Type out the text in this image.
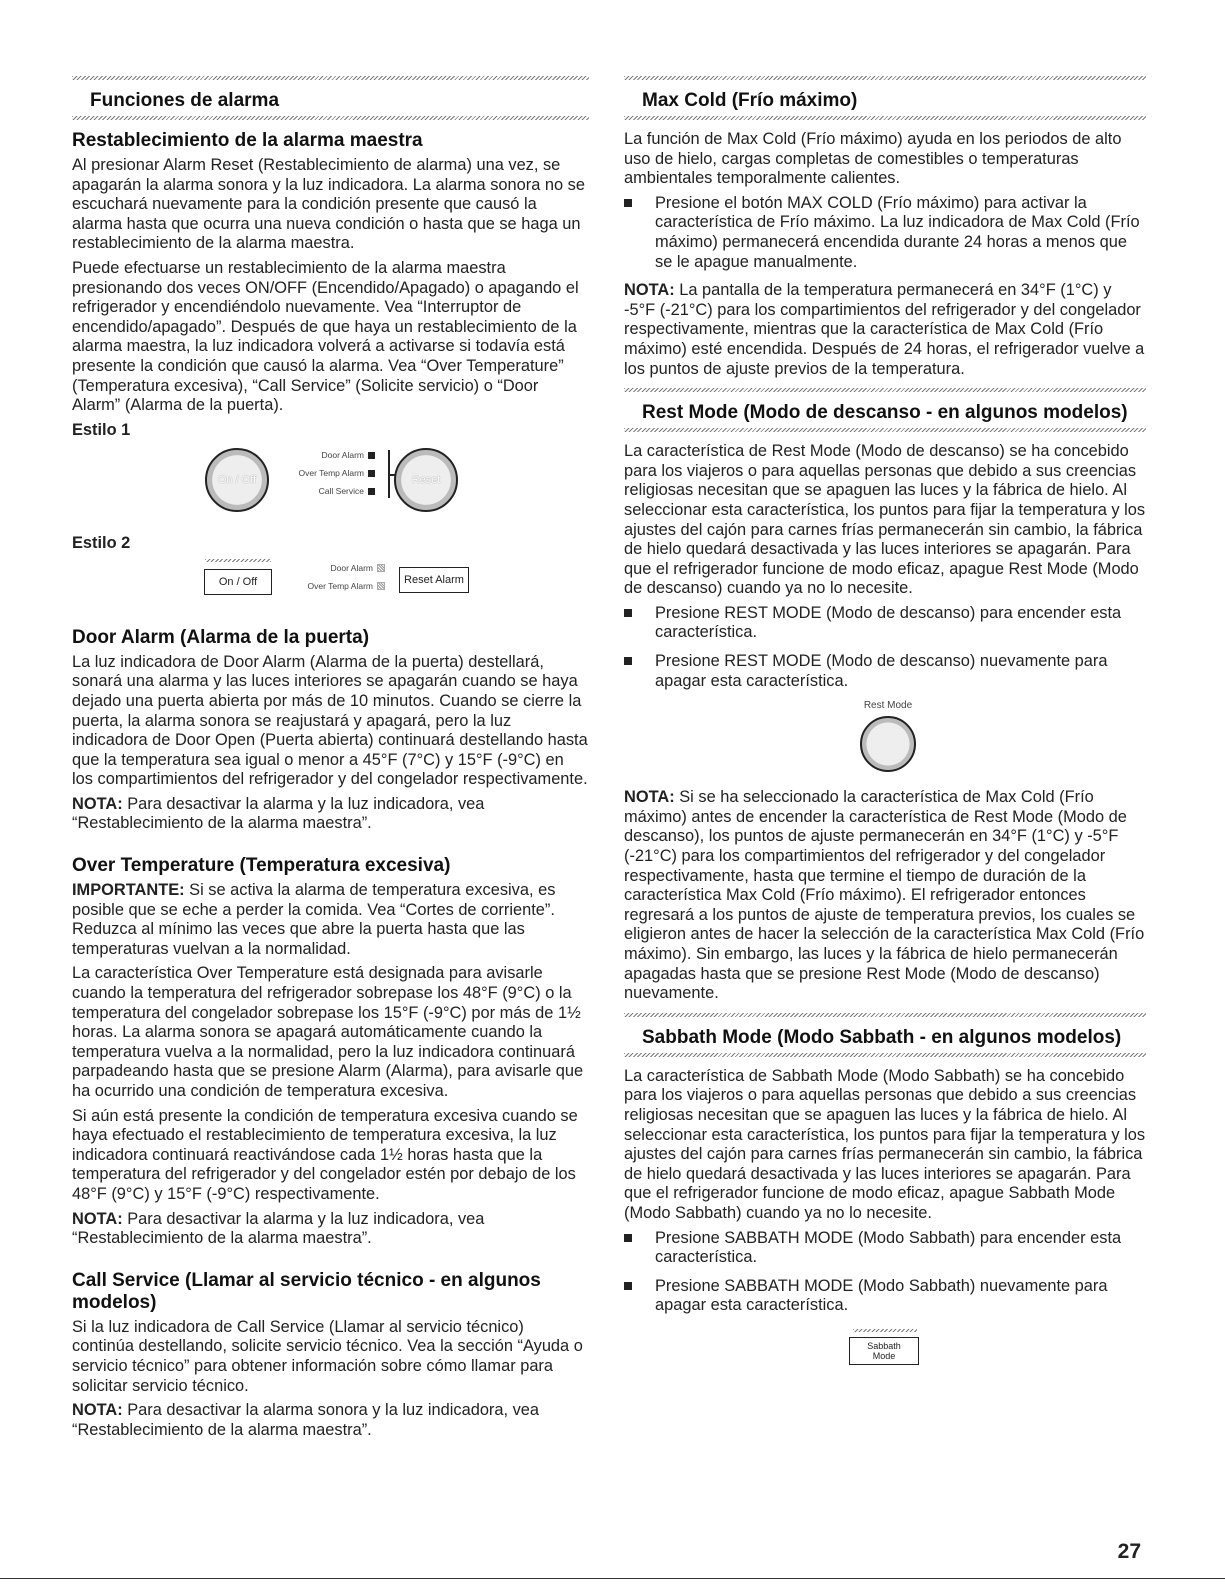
Funciones de alarma
Restablecimiento de la alarma maestra

Al presionar Alarm Reset (Restablecimiento de alarma) una vez, se apagarán la alarma sonora y la luz indicadora. La alarma sonora no se escuchará nuevamente para la condición presente que causó la alarma hasta que ocurra una nueva condición o hasta que se haga un restablecimiento de la alarma maestra.

Puede efectuarse un restablecimiento de la alarma maestra presionando dos veces ON/OFF (Encendido/Apagado) o apagando el refrigerador y encendiéndolo nuevamente. Vea “Interruptor de encendido/apagado”. Después de que haya un restablecimiento de la alarma maestra, la luz indicadora volverá a activarse si todavía está presente la condición que causó la alarma. Vea “Over Temperature” (Temperatura excesiva), “Call Service” (Solicite servicio) o “Door Alarm” (Alarma de la puerta).

Estilo 1
On / Off
Door Alarm
Over Temp Alarm
Call Service
Reset
Estilo 2
On / Off
Door Alarm
Over Temp Alarm	Reset Alarm
Door Alarm (Alarma de la puerta)

La luz indicadora de Door Alarm (Alarma de la puerta) destellará, sonará una alarma y las luces interiores se apagarán cuando se haya dejado una puerta abierta por más de 10 minutos. Cuando se cierre la puerta, la alarma sonora se reajustará y apagará, pero la luz indicadora de Door Open (Puerta abierta) continuará destellando hasta que la temperatura sea igual o menor a 45°F (7°C) y 15°F (-9°C) en los compartimientos del refrigerador y del congelador respectivamente.

NOTA: Para desactivar la alarma y la luz indicadora, vea “Restablecimiento de la alarma maestra”.

Over Temperature (Temperatura excesiva)

IMPORTANTE: Si se activa la alarma de temperatura excesiva, es posible que se eche a perder la comida. Vea “Cortes de corriente”. Reduzca al mínimo las veces que abre la puerta hasta que las temperaturas vuelvan a la normalidad.

La característica Over Temperature está designada para avisarle cuando la temperatura del refrigerador sobrepase los 48°F (9°C) o la temperatura del congelador sobrepase los 15°F (-9°C) por más de 1½ horas. La alarma sonora se apagará automáticamente cuando la temperatura vuelva a la normalidad, pero la luz indicadora continuará parpadeando hasta que se presione Alarm (Alarma), para avisarle que ha ocurrido una condición de temperatura excesiva.

Si aún está presente la condición de temperatura excesiva cuando se haya efectuado el restablecimiento de temperatura excesiva, la luz indicadora continuará reactivándose cada 1½ horas hasta que la temperatura del refrigerador y del congelador estén por debajo de los 48°F (9°C) y 15°F (-9°C) respectivamente.

NOTA: Para desactivar la alarma y la luz indicadora, vea “Restablecimiento de la alarma maestra”.

Call Service (Llamar al servicio técnico - en algunos modelos)

Si la luz indicadora de Call Service (Llamar al servicio técnico) continúa destellando, solicite servicio técnico. Vea la sección “Ayuda o servicio técnico” para obtener información sobre cómo llamar para solicitar servicio técnico.

NOTA: Para desactivar la alarma sonora y la luz indicadora, vea “Restablecimiento de la alarma maestra”.

Max Cold (Frío máximo)

La función de Max Cold (Frío máximo) ayuda en los periodos de alto uso de hielo, cargas completas de comestibles o temperaturas ambientales temporalmente calientes.

Presione el botón MAX COLD (Frío máximo) para activar la característica de Frío máximo. La luz indicadora de Max Cold (Frío máximo) permanecerá encendida durante 24 horas a menos que se le apague manualmente.

NOTA: La pantalla de la temperatura permanecerá en 34°F (1°C) y -5°F (-21°C) para los compartimientos del refrigerador y del congelador respectivamente, mientras que la característica de Max Cold (Frío máximo) esté encendida. Después de 24 horas, el refrigerador vuelve a los puntos de ajuste previos de la temperatura.

Rest Mode (Modo de descanso - en algunos modelos)

La característica de Rest Mode (Modo de descanso) se ha concebido para los viajeros o para aquellas personas que debido a sus creencias religiosas necesitan que se apaguen las luces y la fábrica de hielo. Al seleccionar esta característica, los puntos para fijar la temperatura y los ajustes del cajón para carnes frías permanecerán sin cambio, la fábrica de hielo quedará desactivada y las luces interiores se apagarán. Para que el refrigerador funcione de modo eficaz, apague Rest Mode (Modo de descanso) cuando ya no lo necesite.

Presione REST MODE (Modo de descanso) para encender esta característica.
Presione REST MODE (Modo de descanso) nuevamente para apagar esta característica.
Rest Mode

NOTA: Si se ha seleccionado la característica de Max Cold (Frío máximo) antes de encender la característica de Rest Mode (Modo de descanso), los puntos de ajuste permanecerán en 34°F (1°C) y -5°F (-21°C) para los compartimientos del refrigerador y del congelador respectivamente, hasta que termine el tiempo de duración de la característica Max Cold (Frío máximo). El refrigerador entonces regresará a los puntos de ajuste de temperatura previos, los cuales se eligieron antes de hacer la selección de la característica Max Cold (Frío máximo). Sin embargo, las luces y la fábrica de hielo permanecerán apagadas hasta que se presione Rest Mode (Modo de descanso) nuevamente.

Sabbath Mode (Modo Sabbath - en algunos modelos)

La característica de Sabbath Mode (Modo Sabbath) se ha concebido para los viajeros o para aquellas personas que debido a sus creencias religiosas necesitan que se apaguen las luces y la fábrica de hielo. Al seleccionar esta característica, los puntos para fijar la temperatura y los ajustes del cajón para carnes frías permanecerán sin cambio, la fábrica de hielo quedará desactivada y las luces interiores se apagarán. Para que el refrigerador funcione de modo eficaz, apague Sabbath Mode (Modo Sabbath) cuando ya no lo necesite.

Presione SABBATH MODE (Modo Sabbath) para encender esta característica.
Presione SABBATH MODE (Modo Sabbath) nuevamente para apagar esta característica.
Sabbath
Mode
27
